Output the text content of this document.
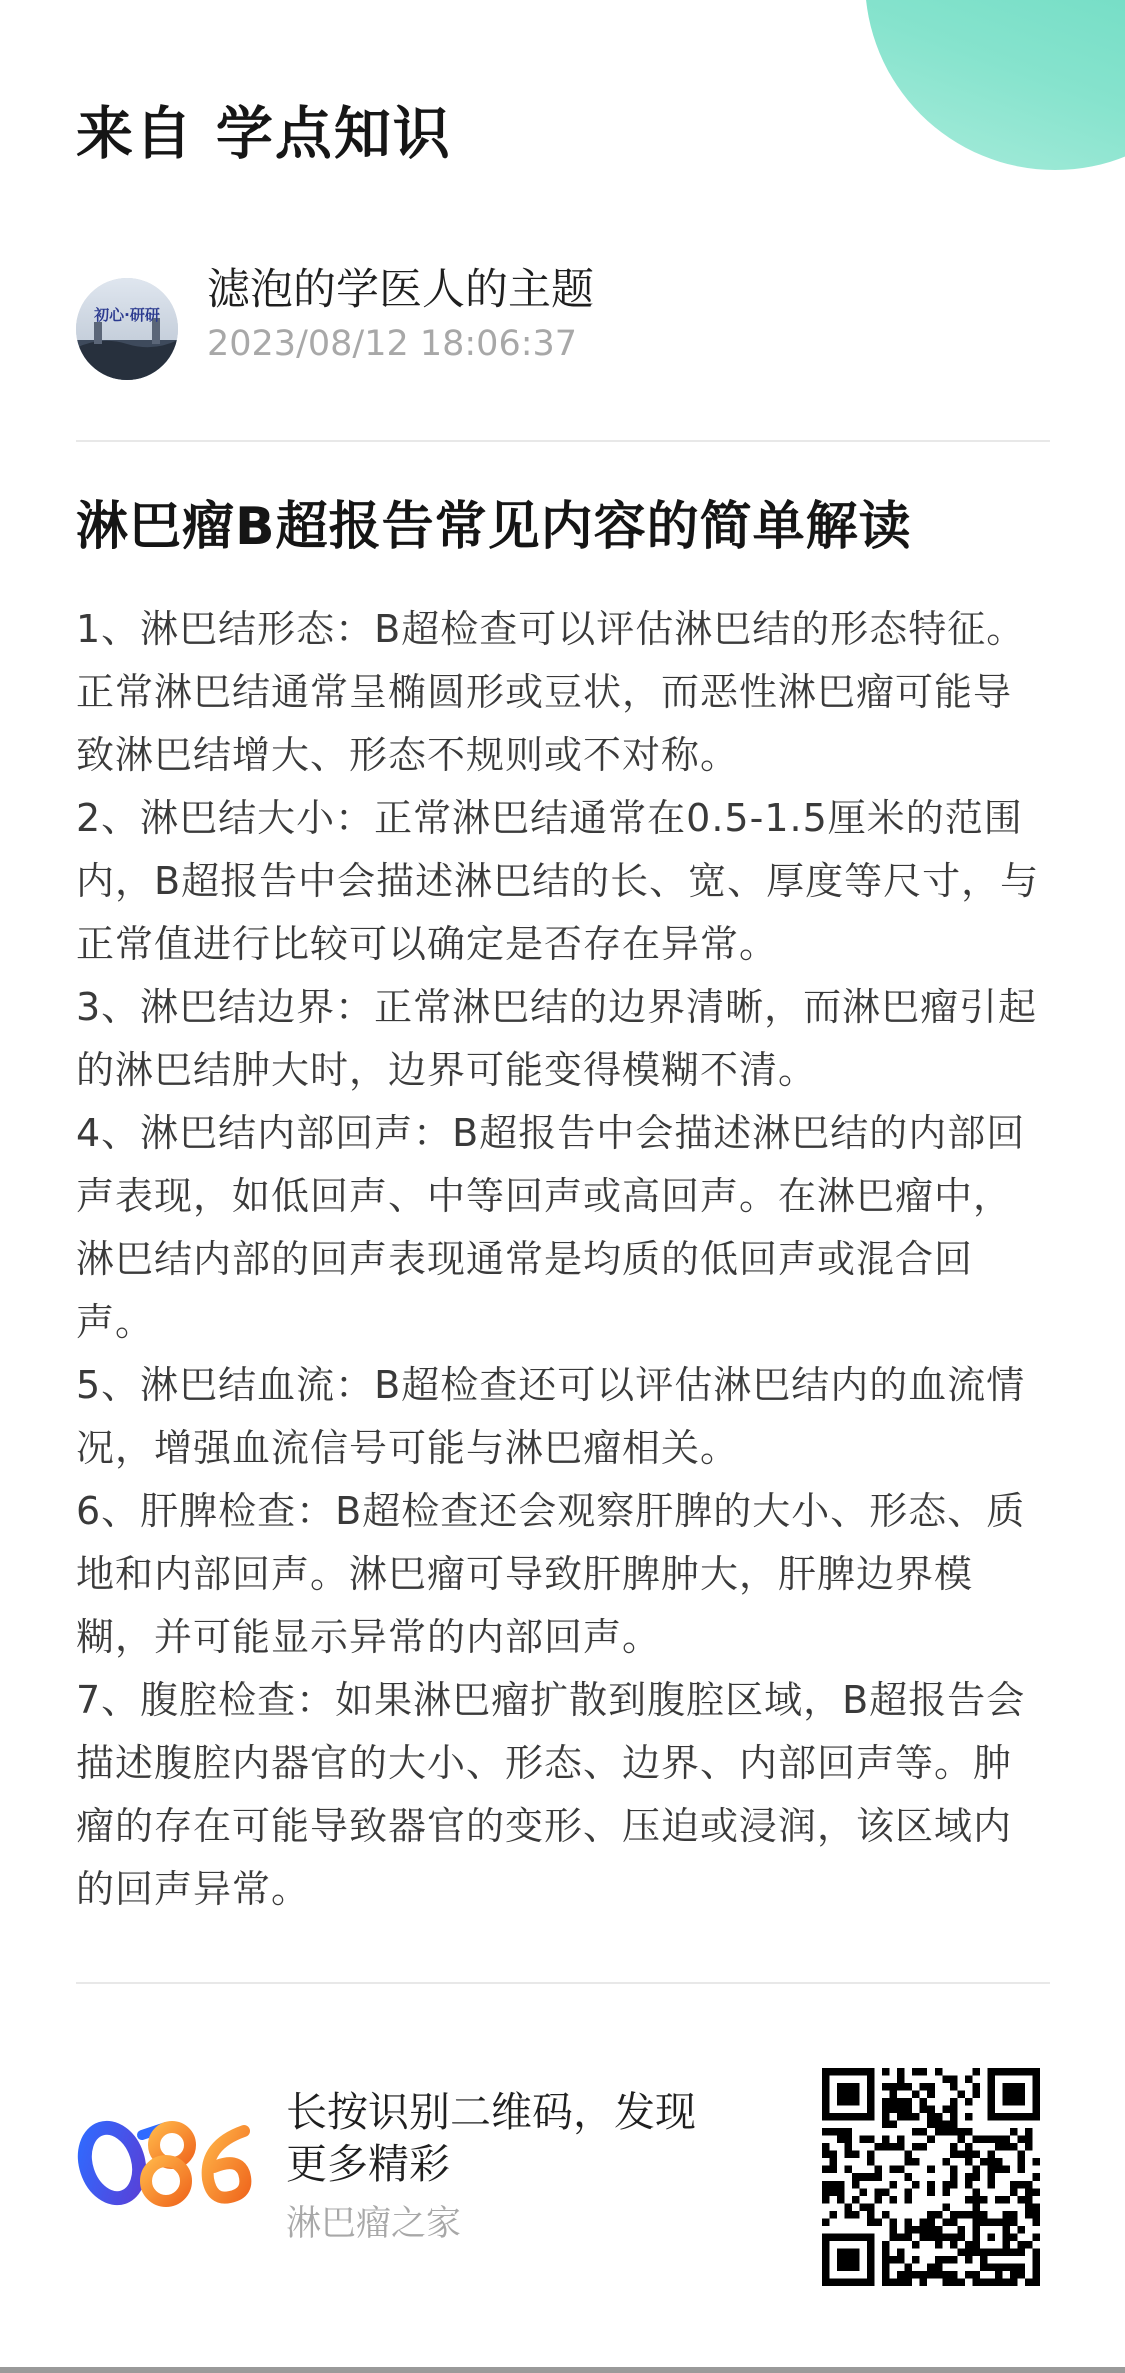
来自 学点知识
初心·研研 滤泡的学医人的主题
2023/08/12 18:06:37
淋巴瘤B超报告常见内容的简单解读

1、淋巴结形态：B超检查可以评估淋巴结的形态特征。正常淋巴结通常呈椭圆形或豆状，而恶性淋巴瘤可能导致淋巴结增大、形态不规则或不对称。

2、淋巴结大小：正常淋巴结通常在0.5-1.5厘米的范围内，B超报告中会描述淋巴结的长、宽、厚度等尺寸，与正常值进行比较可以确定是否存在异常。

3、淋巴结边界：正常淋巴结的边界清晰，而淋巴瘤引起的淋巴结肿大时，边界可能变得模糊不清。

4、淋巴结内部回声：B超报告中会描述淋巴结的内部回声表现，如低回声、中等回声或高回声。在淋巴瘤中，淋巴结内部的回声表现通常是均质的低回声或混合回声。

5、淋巴结血流：B超检查还可以评估淋巴结内的血流情况，增强血流信号可能与淋巴瘤相关。

6、肝脾检查：B超检查还会观察肝脾的大小、形态、质地和内部回声。淋巴瘤可导致肝脾肿大，肝脾边界模糊，并可能显示异常的内部回声。

7、腹腔检查：如果淋巴瘤扩散到腹腔区域，B超报告会描述腹腔内器官的大小、形态、边界、内部回声等。肿瘤的存在可能导致器官的变形、压迫或浸润，该区域内的回声异常。

长按识别二维码，发现更多精彩
淋巴瘤之家
